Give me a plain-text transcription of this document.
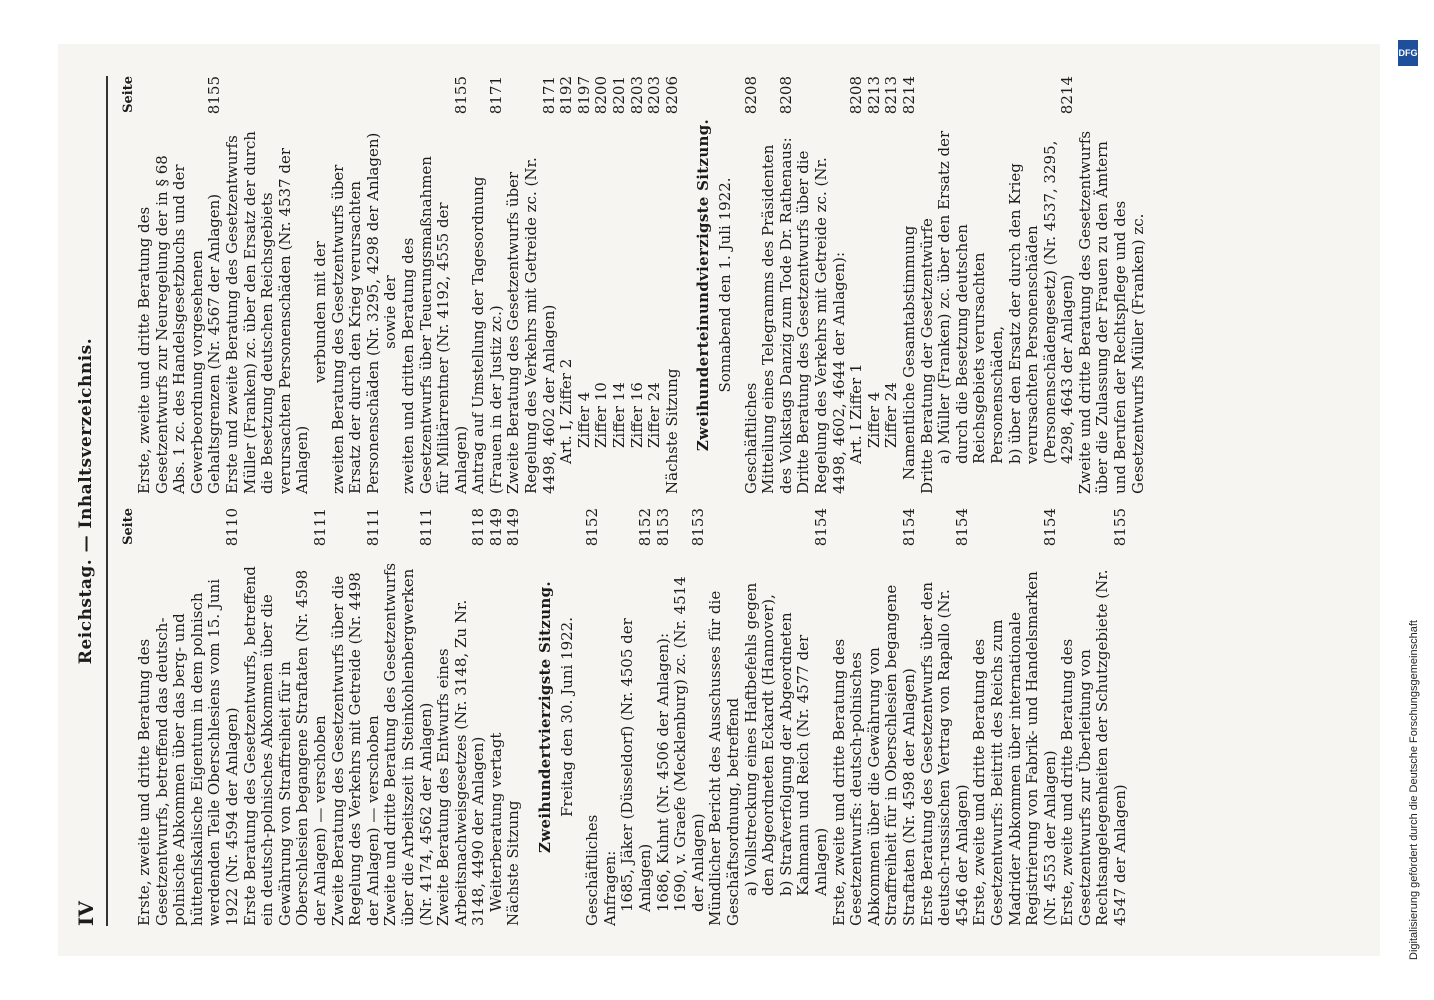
IV
Reichstag. — Inhaltsverzeichnis. Seite
Erste, zweite und dritte Beratung des Gesetzentwurfs, betreffend das deutsch-polnische Abkommen über das berg- und hüttenfiskalische Eigentum in dem polnisch werdenden Teile Oberschlesiens vom 15. Juni 1922 (Nr. 4594 der Anlagen)
8110
Erste Beratung des Gesetzentwurfs, betreffend ein deutsch-polnisches Abkommen über die Gewährung von Straffreiheit für in Oberschlesien begangene Straftaten (Nr. 4598 der Anlagen) — verschoben
8111
Zweite Beratung des Gesetzentwurfs über die Regelung des Verkehrs mit Getreide (Nr. 4498 der Anlagen) — verschoben
8111
Zweite und dritte Beratung des Gesetzentwurfs über die Arbeitszeit in Steinkohlenbergwerken (Nr. 4174, 4562 der Anlagen)
8111
Zweite Beratung des Entwurfs eines Arbeitsnachweisgesetzes (Nr. 3148, Zu Nr. 3148, 4490 der Anlagen)
8118
Weiterberatung vertagt
8149
Nächste Sitzung
8149
Zweihundertvierzigste Sitzung. Freitag den 30. Juni 1922.
Geschäftliches
8152
Anfragen: 1685, Jäker (Düsseldorf) (Nr. 4505 der Anlagen)
8152
1686, Kuhnt (Nr. 4506 der Anlagen):
8153
1690, v. Graefe (Mecklenburg) zc. (Nr. 4514 der Anlagen)
8153
Mündlicher Bericht des Ausschusses für die Geschäftsordnung, betreffend a) Vollstreckung eines Haftbefehls gegen den Abgeordneten Eckardt (Hannover), b) Strafverfolgung der Abgeordneten Kahmann und Reich (Nr. 4577 der Anlagen)
8154
Erste, zweite und dritte Beratung des Gesetzentwurfs: deutsch-polnisches Abkommen über die Gewährung von Straffreiheit für in Oberschlesien begangene Straftaten (Nr. 4598 der Anlagen)
8154
Erste Beratung des Gesetzentwurfs über den deutsch-russischen Vertrag von Rapallo (Nr. 4546 der Anlagen)
8154
Erste, zweite und dritte Beratung des Gesetzentwurfs: Beitritt des Reichs zum Madrider Abkommen über internationale Registrierung von Fabrik- und Handelsmarken (Nr. 4553 der Anlagen)
8154
Erste, zweite und dritte Beratung des Gesetzentwurfs zur Überleitung von Rechtsangelegenheiten der Schutzgebiete (Nr. 4547 der Anlagen)
8155
Seite
Erste, zweite und dritte Beratung des Gesetzentwurfs zur Neuregelung der in § 68 Abs. 1 zc. des Handelsgesetzbuchs und der Gewerbeordnung vorgesehenen Gehaltsgrenzen (Nr. 4567 der Anlagen)
8155
Erste und zweite Beratung des Gesetzentwurfs Müller (Franken) zc. über den Ersatz der durch die Besetzung deutschen Reichsgebiets verursachten Personenschäden (Nr. 4537 der Anlagen)
verbunden mit der zweiten Beratung des Gesetzentwurfs über Ersatz der durch den Krieg verursachten Personenschäden (Nr. 3295, 4298 der Anlagen) sowie der zweiten und dritten Beratung des Gesetzentwurfs über Teuerungsmaßnahmen für Militärrentner (Nr. 4192, 4555 der Anlagen)
8155
Antrag auf Umstellung der Tagesordnung (Frauen in der Justiz zc.)
8171
Zweite Beratung des Gesetzentwurfs über Regelung des Verkehrs mit Getreide zc. (Nr. 4498, 4602 der Anlagen)
8171
Art. I, Ziffer 2
8192
Ziffer 4
8197
Ziffer 10
8200
Ziffer 14
8201
Ziffer 16
8203
Ziffer 24
8203
Nächste Sitzung
8206
Zweihunderteinundvierzigste Sitzung. Sonnabend den 1. Juli 1922.
Geschäftliches
8208
Mitteilung eines Telegramms des Präsidenten des Volkstags Danzig zum Tode Dr. Rathenaus:
8208
Dritte Beratung des Gesetzentwurfs über die Regelung des Verkehrs mit Getreide zc. (Nr. 4498, 4602, 4644 der Anlagen): Art. I Ziffer 1
8208
Ziffer 4
8213
Ziffer 24
8213
Namentliche Gesamtabstimmung
8214
Dritte Beratung der Gesetzentwürfe a) Müller (Franken) zc. über den Ersatz der durch die Besetzung deutschen Reichsgebiets verursachten Personenschäden, b) über den Ersatz der durch den Krieg verursachten Personenschäden (Personenschädengesetz) (Nr. 4537, 3295, 4298, 4643 der Anlagen)
8214
Zweite und dritte Beratung des Gesetzentwurfs über die Zulassung der Frauen zu den Ämtern und Berufen der Rechtspflege und des Gesetzentwurfs Müller (Franken) zc.
DFG
Digitalisierung gefördert durch die Deutsche Forschungsgemeinschaft
